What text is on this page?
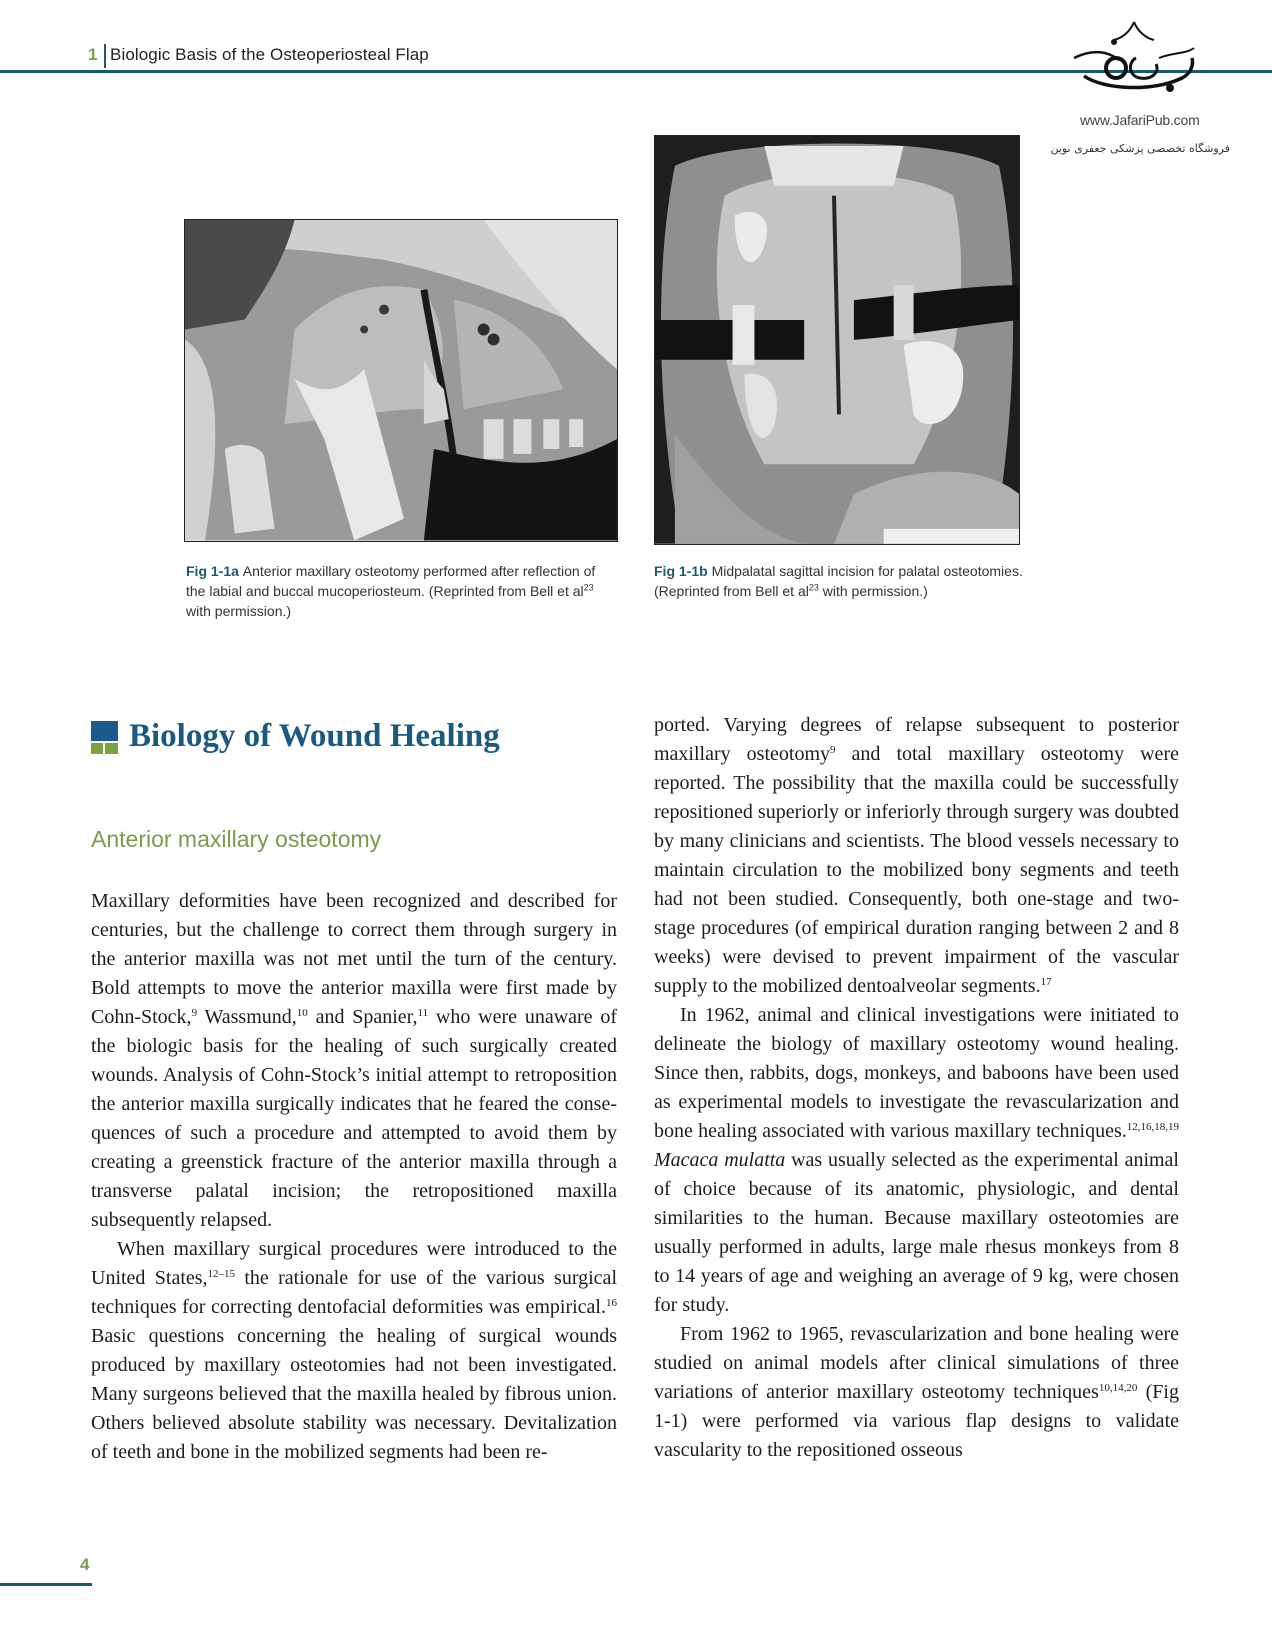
1 Biologic Basis of the Osteoperiosteal Flap
www.JafariPub.com
فروشگاه تخصصی پزشکی جعفری نوین
Fig 1-1a Anterior maxillary osteotomy performed after reflection of the labial and buccal mucoperiosteum. (Reprinted from Bell et $al^{23}$ with permission.)
Fig 1-1b Midpalatal sagittal incision for palatal osteotomies. (Reprinted from Bell et $al^{23}$ with permission.)
Biology of Wound Healing
Anterior maxillary osteotomy

Maxillary deformities have been recognized and described for centuries, but the challenge to correct them through surgery in the anterior maxilla was not met until the turn of the century. Bold attempts to move the anterior maxilla were first made by Cohn-Stock,$^9$ Wassmund,$^{10}$ and Spanier,$^{11}$ who were unaware of the biologic basis for the healing of such surgically created wounds. Analysis of Cohn-Stock’s initial attempt to retroposition the anterior maxilla surgically indicates that he feared the consequences of such a procedure and attempted to avoid them by creating a greenstick fracture of the anterior maxilla through a transverse palatal incision; the retropositioned maxilla subsequently relapsed.

When maxillary surgical procedures were introduced to the United States,$^{12-15}$ the rationale for use of the various surgical techniques for correcting dentofacial deformities was empirical.$^{16}$ Basic questions concerning the healing of surgical wounds produced by maxillary osteotomies had not been investigated. Many surgeons believed that the maxilla healed by fibrous union. Others believed absolute stability was necessary. Devitalization of teeth and bone in the mobilized segments had been re-

ported. Varying degrees of relapse subsequent to posterior maxillary osteotomy$^9$ and total maxillary osteotomy were reported. The possibility that the maxilla could be successfully repositioned superiorly or inferiorly through surgery was doubted by many clinicians and scientists. The blood vessels necessary to maintain circulation to the mobilized bony segments and teeth had not been studied. Consequently, both one-stage and two-stage procedures (of empirical duration ranging between 2 and 8 weeks) were devised to prevent impairment of the vascular supply to the mobilized dentoalveolar segments.$^{17}$

In 1962, animal and clinical investigations were initiated to delineate the biology of maxillary osteotomy wound healing. Since then, rabbits, dogs, monkeys, and baboons have been used as experimental models to investigate the revascularization and bone healing associated with various maxillary techniques.$^{12,16,18,19}$ Macaca mulatta was usually selected as the experimental animal of choice because of its anatomic, physiologic, and dental similarities to the human. Because maxillary osteotomies are usually performed in adults, large male rhesus monkeys from 8 to 14 years of age and weighing an average of 9 kg, were chosen for study.

From 1962 to 1965, revascularization and bone healing were studied on animal models after clinical simulations of three variations of anterior maxillary osteotomy techniques$^{10,14,20}$ (Fig 1-1) were performed via various flap designs to validate vascularity to the repositioned osseous

4
